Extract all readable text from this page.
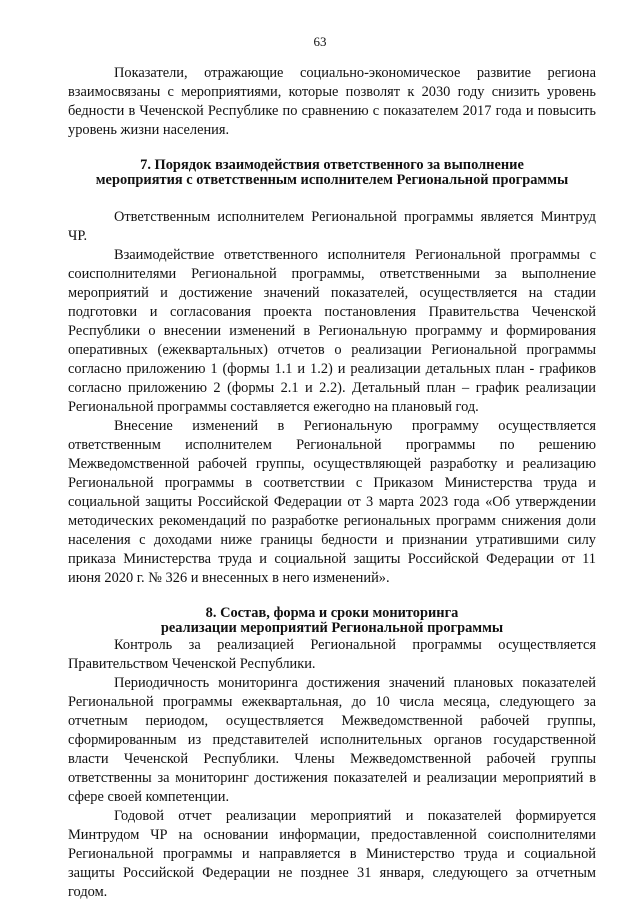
63

Показатели, отражающие социально-экономическое развитие региона взаимосвязаны с мероприятиями, которые позволят к 2030 году снизить уровень бедности в Чеченской Республике по сравнению с показателем 2017 года и повысить уровень жизни населения.

7. Порядок взаимодействия ответственного за выполнение
мероприятия с ответственным исполнителем Региональной программы

Ответственным исполнителем Региональной программы является Минтруд ЧР.

Взаимодействие ответственного исполнителя Региональной программы с соисполнителями Региональной программы, ответственными за выполнение мероприятий и достижение значений показателей, осуществляется на стадии подготовки и согласования проекта постановления Правительства Чеченской Республики о внесении изменений в Региональную программу и формирования оперативных (ежеквартальных) отчетов о реализации Региональной программы согласно приложению 1 (формы 1.1 и 1.2) и реализации детальных план - графиков согласно приложению 2 (формы 2.1 и 2.2). Детальный план – график реализации Региональной программы составляется ежегодно на плановый год.

Внесение изменений в Региональную программу осуществляется ответственным исполнителем Региональной программы по решению Межведомственной рабочей группы, осуществляющей разработку и реализацию Региональной программы в соответствии с Приказом Министерства труда и социальной защиты Российской Федерации от 3 марта 2023 года «Об утверждении методических рекомендаций по разработке региональных программ снижения доли населения с доходами ниже границы бедности и признании утратившими силу приказа Министерства труда и социальной защиты Российской Федерации от 11 июня 2020 г. № 326 и внесенных в него изменений».

8. Состав, форма и сроки мониторинга
реализации мероприятий Региональной программы

Контроль за реализацией Региональной программы осуществляется Правительством Чеченской Республики.

Периодичность мониторинга достижения значений плановых показателей Региональной программы ежеквартальная, до 10 числа месяца, следующего за отчетным периодом, осуществляется Межведомственной рабочей группы, сформированным из представителей исполнительных органов государственной власти Чеченской Республики. Члены Межведомственной рабочей группы ответственны за мониторинг достижения показателей и реализации мероприятий в сфере своей компетенции.

Годовой отчет реализации мероприятий и показателей формируется Минтрудом ЧР на основании информации, предоставленной соисполнителями Региональной программы и направляется в Министерство труда и социальной защиты Российской Федерации не позднее 31 января, следующего за отчетным годом.
